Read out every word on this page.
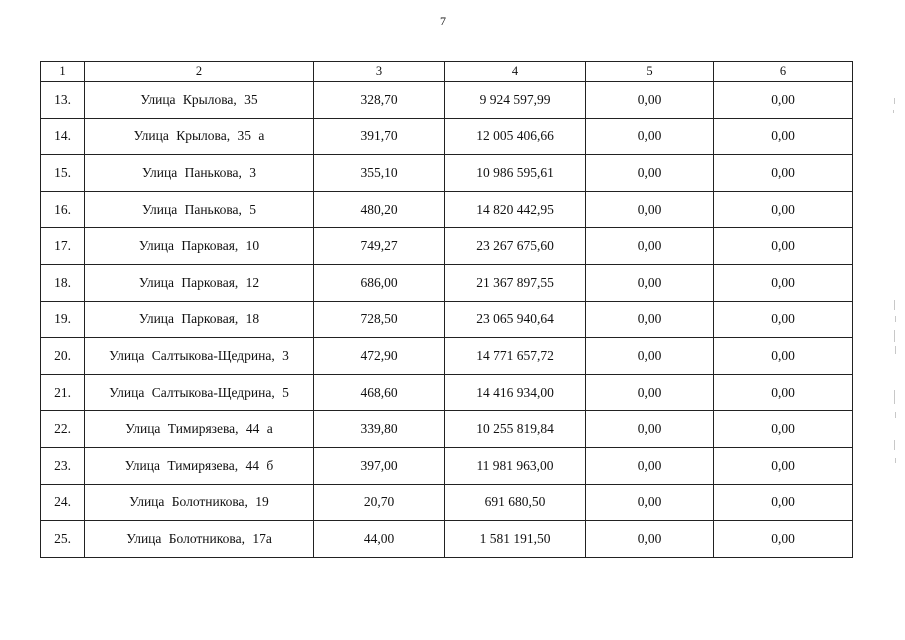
7
1	2	3	4	5	6
13.	Улица Крылова, 35	328,70	9 924 597,99	0,00	0,00
14.	Улица Крылова, 35 а	391,70	12 005 406,66	0,00	0,00
15.	Улица Панькова, 3	355,10	10 986 595,61	0,00	0,00
16.	Улица Панькова, 5	480,20	14 820 442,95	0,00	0,00
17.	Улица Парковая, 10	749,27	23 267 675,60	0,00	0,00
18.	Улица Парковая, 12	686,00	21 367 897,55	0,00	0,00
19.	Улица Парковая, 18	728,50	23 065 940,64	0,00	0,00
20.	Улица Салтыкова-Щедрина, 3	472,90	14 771 657,72	0,00	0,00
21.	Улица Салтыкова-Щедрина, 5	468,60	14 416 934,00	0,00	0,00
22.	Улица Тимирязева, 44 а	339,80	10 255 819,84	0,00	0,00
23.	Улица Тимирязева, 44 б	397,00	11 981 963,00	0,00	0,00
24.	Улица Болотникова, 19	20,70	691 680,50	0,00	0,00
25.	Улица Болотникова, 17а	44,00	1 581 191,50	0,00	0,00
